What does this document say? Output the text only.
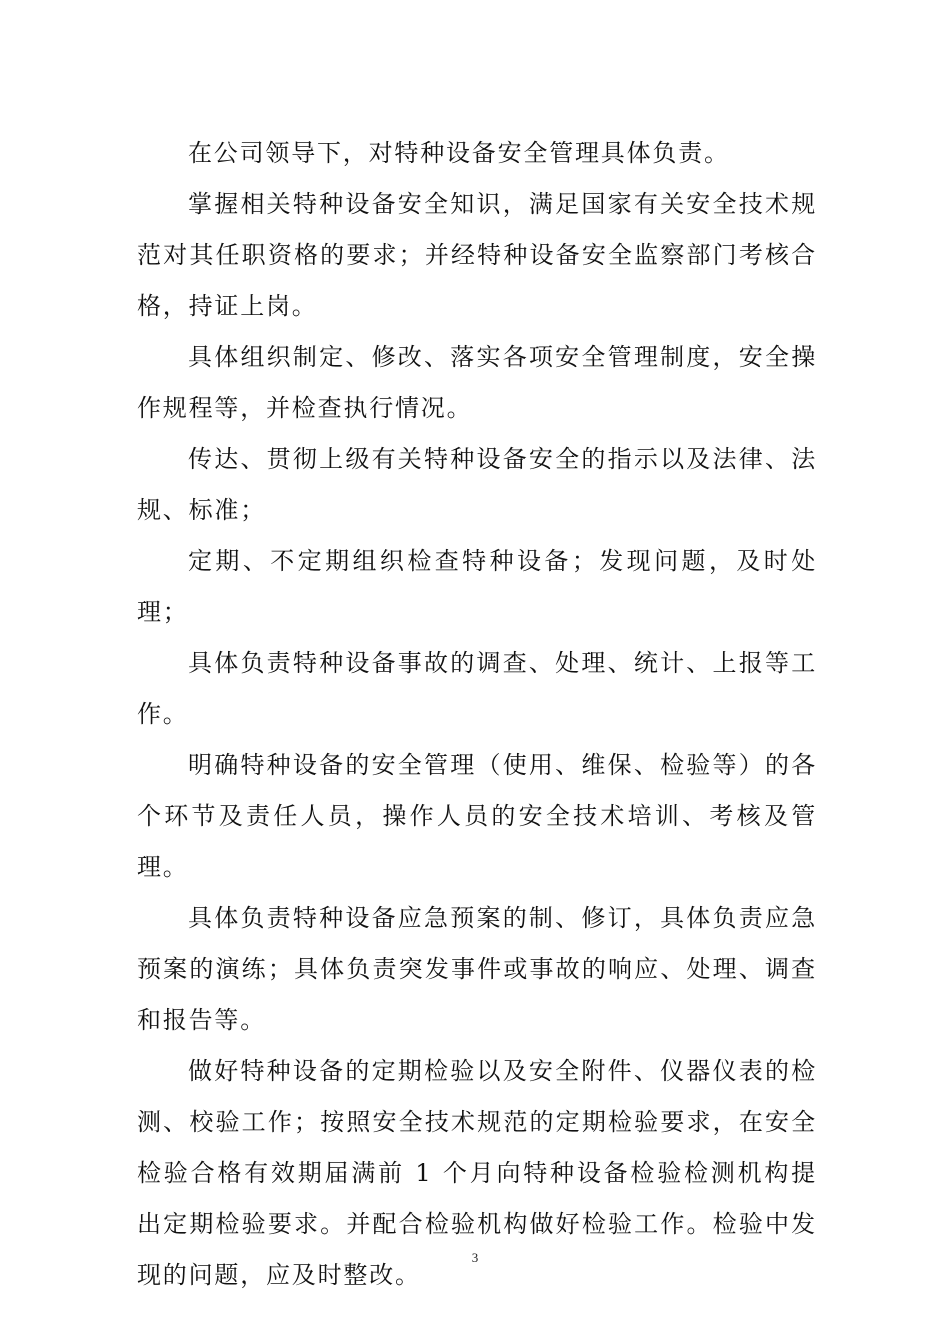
在公司领导下，对特种设备安全管理具体负责。

掌握相关特种设备安全知识，满足国家有关安全技术规范对其任职资格的要求；并经特种设备安全监察部门考核合格，持证上岗。

具体组织制定、修改、落实各项安全管理制度，安全操作规程等，并检查执行情况。

传达、贯彻上级有关特种设备安全的指示以及法律、法规、标准；

定期、不定期组织检查特种设备；发现问题，及时处理；

具体负责特种设备事故的调查、处理、统计、上报等工作。

明确特种设备的安全管理（使用、维保、检验等）的各个环节及责任人员，操作人员的安全技术培训、考核及管理。

具体负责特种设备应急预案的制、修订，具体负责应急预案的演练；具体负责突发事件或事故的响应、处理、调查和报告等。

做好特种设备的定期检验以及安全附件、仪器仪表的检测、校验工作；按照安全技术规范的定期检验要求，在安全检验合格有效期届满前 1 个月向特种设备检验检测机构提出定期检验要求。并配合检验机构做好检验工作。检验中发现的问题，应及时整改。

3
